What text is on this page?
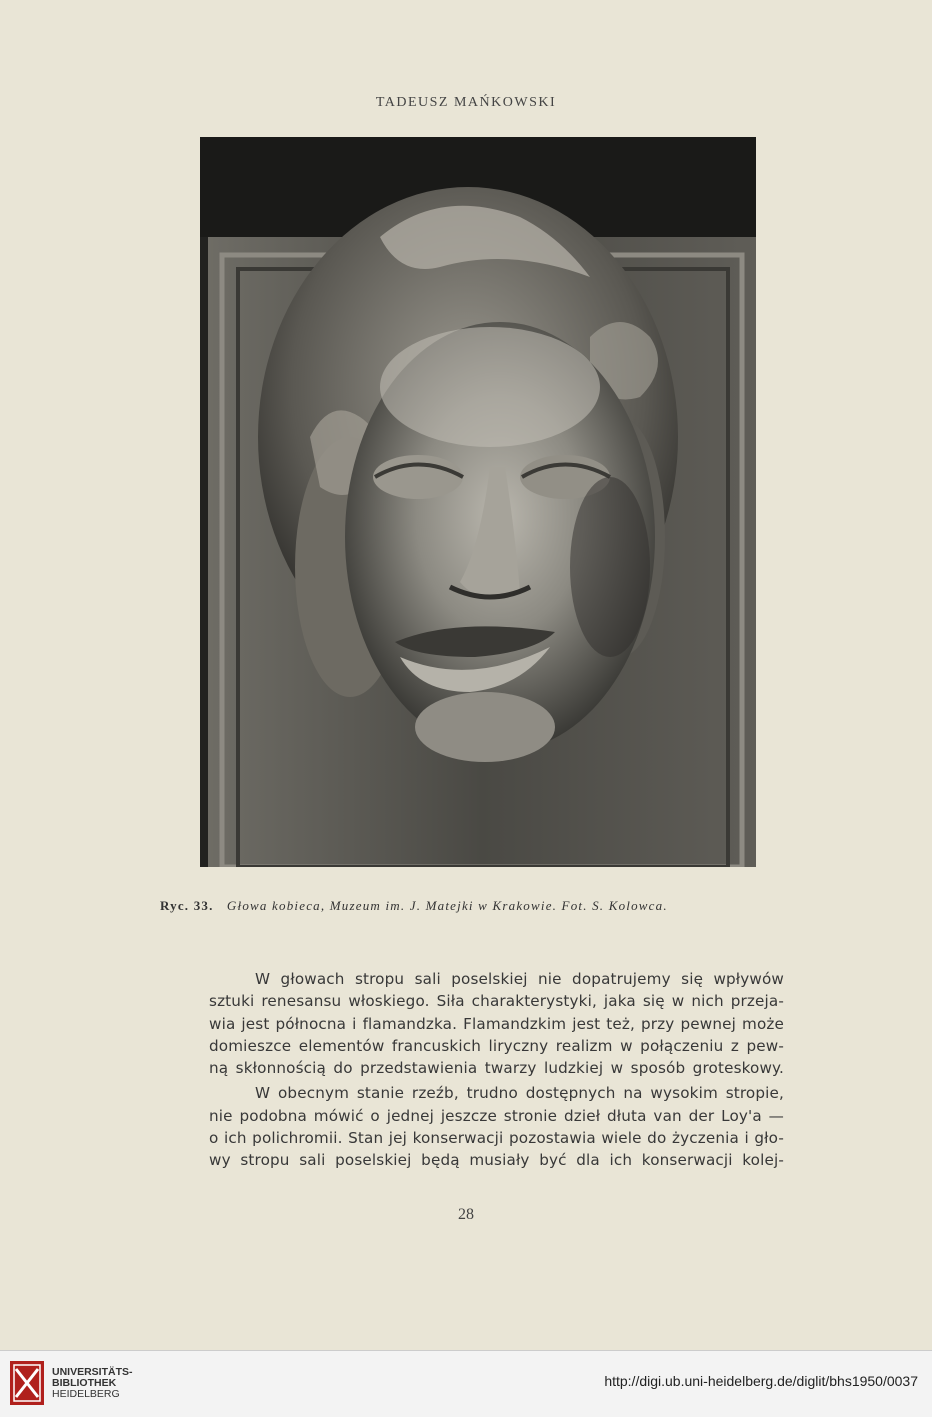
TADEUSZ MAŃKOWSKI
Ryc. 33. Głowa kobieca, Muzeum im. J. Matejki w Krakowie. Fot. S. Kolowca.

W głowach stropu sali poselskiej nie dopatrujemy się wpływów
sztuki renesansu włoskiego. Siła charakterystyki, jaka się w nich przeja-
wia jest północna i flamandzka. Flamandzkim jest też, przy pewnej może
domieszce elementów francuskich liryczny realizm w połączeniu z pew-
ną skłonnością do przedstawienia twarzy ludzkiej w sposób groteskowy.

W obecnym stanie rzeźb, trudno dostępnych na wysokim stropie,
nie podobna mówić o jednej jeszcze stronie dzieł dłuta van der Loy'a —
o ich polichromii. Stan jej konserwacji pozostawia wiele do życzenia i gło-
wy stropu sali poselskiej będą musiały być dla ich konserwacji kolej-

28
UNIVERSITÄTS-
BIBLIOTHEK
HEIDELBERG
http://digi.ub.uni-heidelberg.de/diglit/bhs1950/0037
